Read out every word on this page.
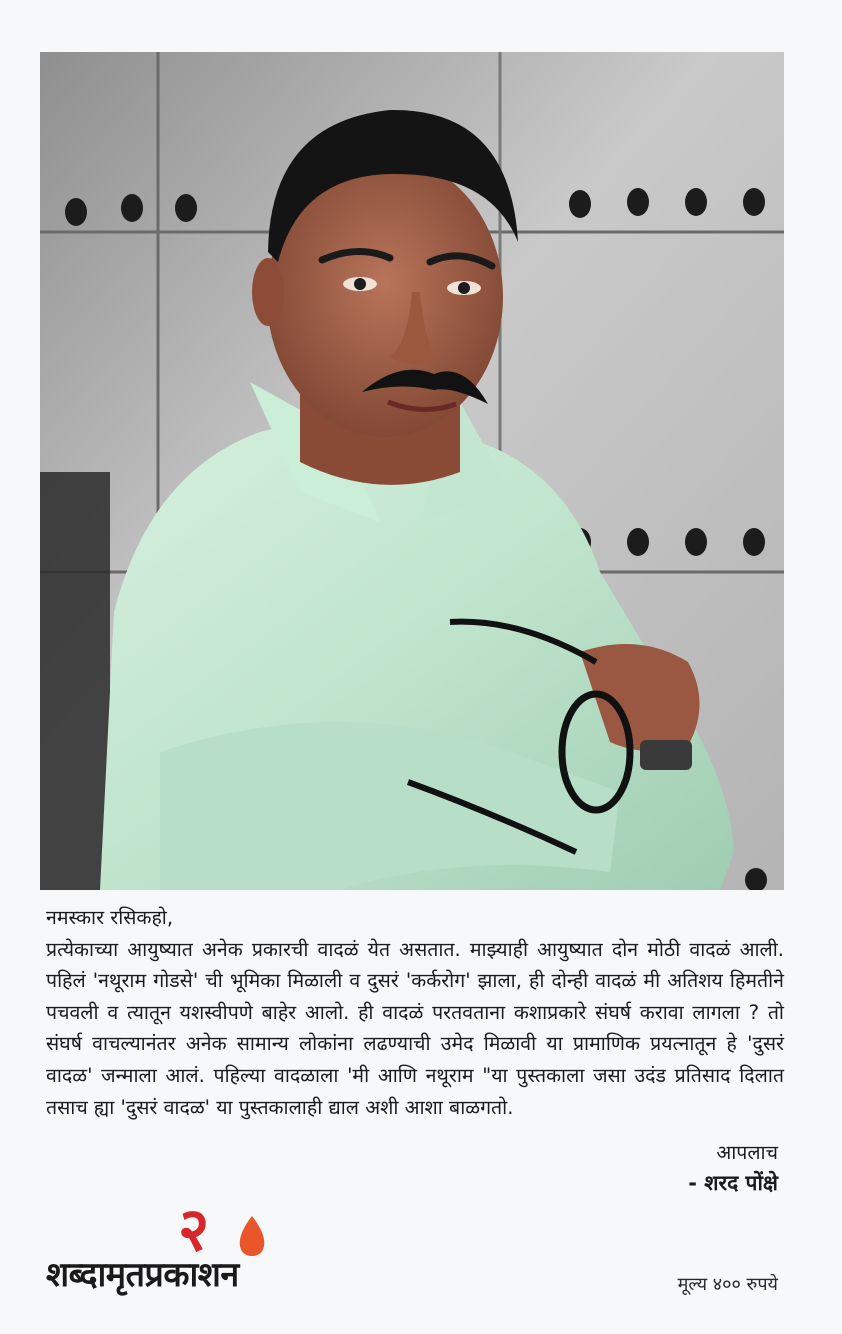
नमस्कार रसिकहो,

प्रत्येकाच्या आयुष्यात अनेक प्रकारची वादळं येत असतात. माझ्याही आयुष्यात दोन मोठी वादळं आली. पहिलं 'नथूराम गोडसे' ची भूमिका मिळाली व दुसरं 'कर्करोग' झाला, ही दोन्ही वादळं मी अतिशय हिमतीने पचवली व त्यातून यशस्वीपणे बाहेर आलो. ही वादळं परतवताना कशाप्रकारे संघर्ष करावा लागला ? तो संघर्ष वाचल्यानंतर अनेक सामान्य लोकांना लढण्याची उमेद मिळावी या प्रामाणिक प्रयत्नातून हे 'दुसरं वादळ' जन्माला आलं. पहिल्या वादळाला 'मी आणि नथूराम "या पुस्तकाला जसा उदंड प्रतिसाद दिलात तसाच ह्या 'दुसरं वादळ' या पुस्तकालाही द्याल अशी आशा बाळगतो.

आपलाच
- शरद पोंक्षे
२
शब्दामृतप्रकाशन	मूल्य ४०० रुपये
